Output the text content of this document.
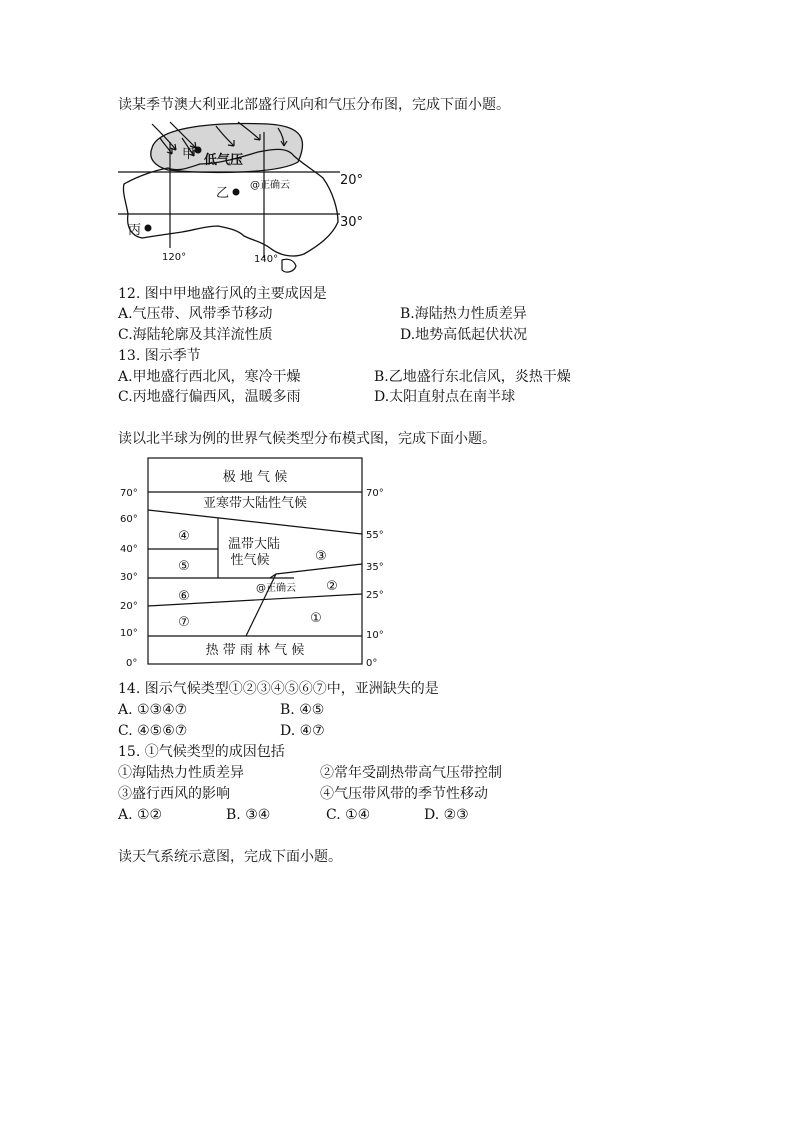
读某季节澳大利亚北部盛行风向和气压分布图，完成下面小题。
甲 低气压
乙
丙
@正确云	20°
30°
120°	140°
12. 图中甲地盛行风的主要成因是
A.气压带、风带季节移动	B.海陆热力性质差异
C.海陆轮廓及其洋流性质	D.地势高低起伏状况
13. 图示季节
A.甲地盛行西北风，寒冷干燥	B.乙地盛行东北信风，炎热干燥
C.丙地盛行偏西风，温暖多雨	D.太阳直射点在南半球
读以北半球为例的世界气候类型分布模式图，完成下面小题。
极 地 气 候
亚寒带大陆性气候
④
⑤
温带大陆
性气候	③
②
⑥
①
⑦
热 带 雨 林 气 候
@正确云
70°
60°
40°
30°
20°
10°
0°
70°
55°
35°
25°
10°
0°
14. 图示气候类型①②③④⑤⑥⑦中，亚洲缺失的是
A. ①③④⑦	B. ④⑤
C. ④⑤⑥⑦	D. ④⑦
15. ①气候类型的成因包括
①海陆热力性质差异	②常年受副热带高气压带控制
③盛行西风的影响	④气压带风带的季节性移动
A. ①②	B. ③④	C. ①④	D. ②③
读天气系统示意图，完成下面小题。
